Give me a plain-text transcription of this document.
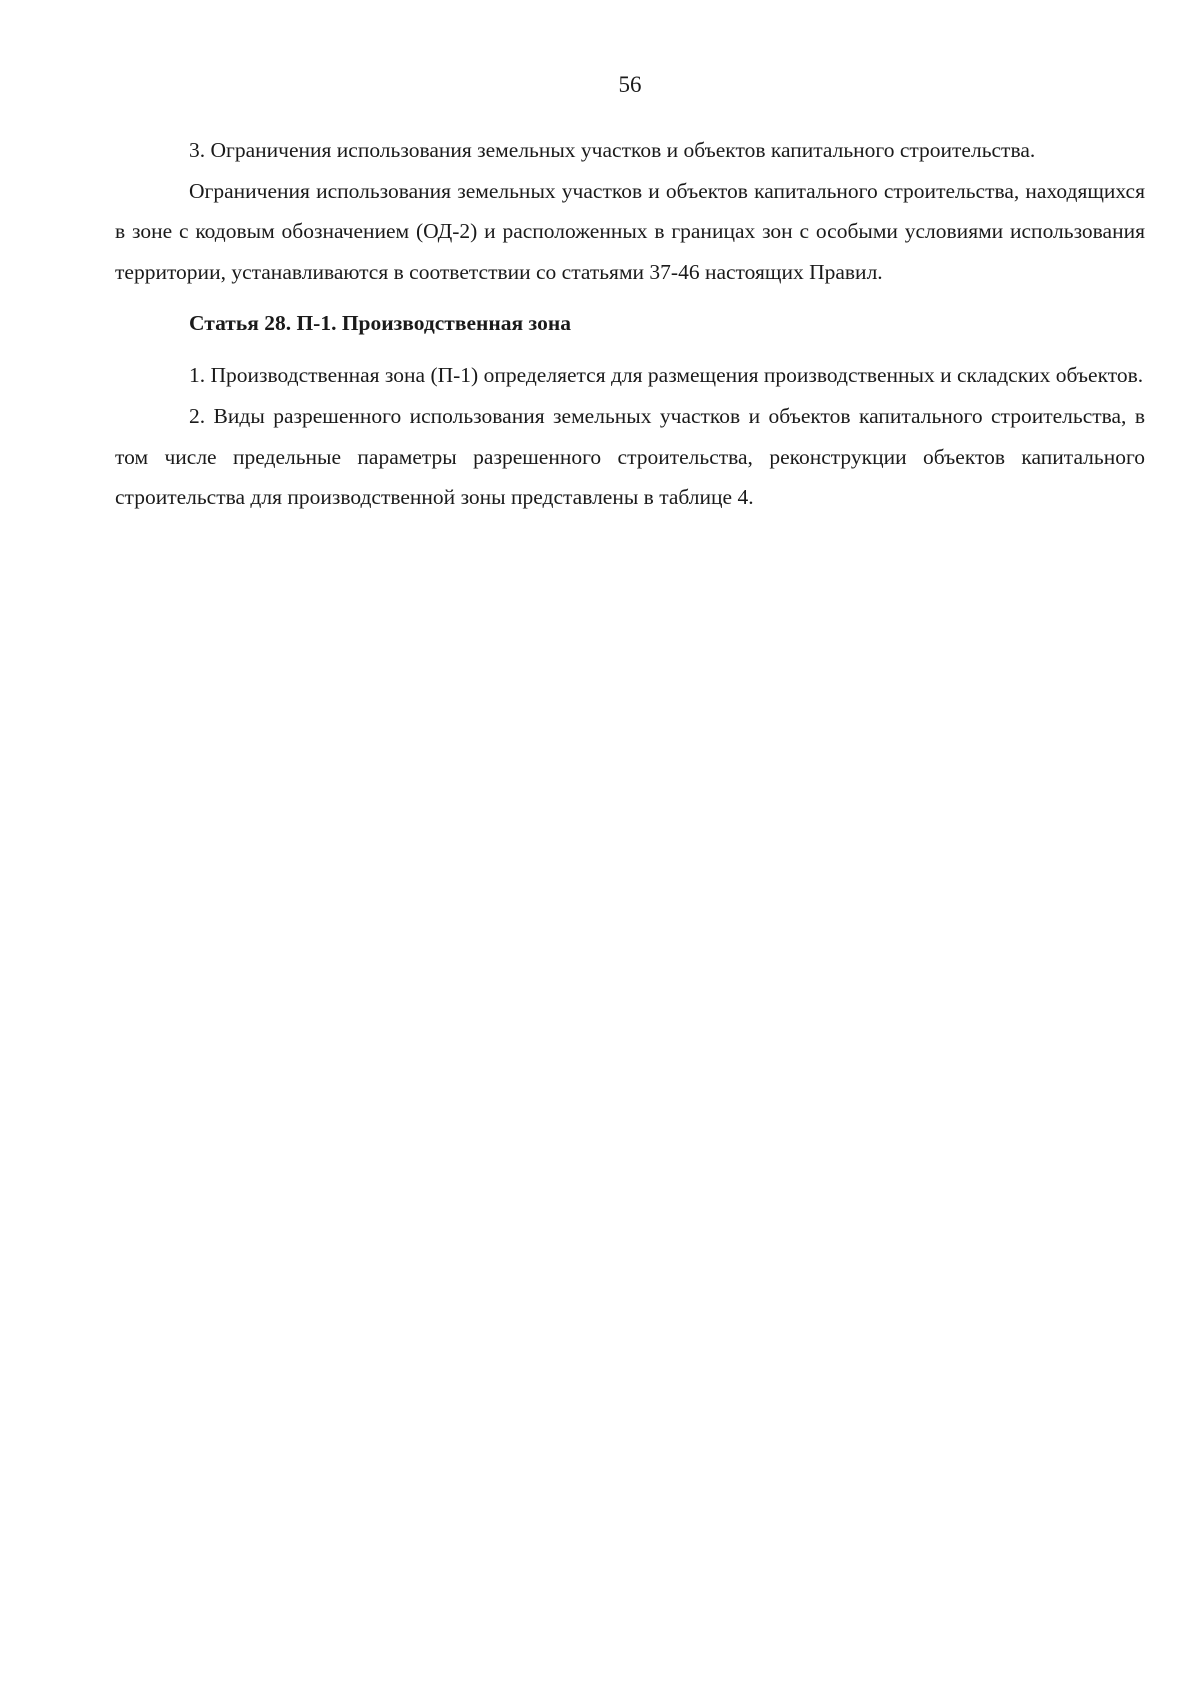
56

3. Ограничения использования земельных участков и объектов капитального строительства.

Ограничения использования земельных участков и объектов капитального строительства, находящихся в зоне с кодовым обозначением (ОД-2) и расположенных в границах зон с особыми условиями использования территории, устанавливаются в соответствии со статьями 37-46 настоящих Правил.

Статья 28. П-1. Производственная зона

1. Производственная зона (П-1) определяется для размещения производственных и складских объектов.

2. Виды разрешенного использования земельных участков и объектов капитального строительства, в том числе предельные параметры разрешенного строительства, реконструкции объектов капитального строительства для производственной зоны представлены в таблице 4.
